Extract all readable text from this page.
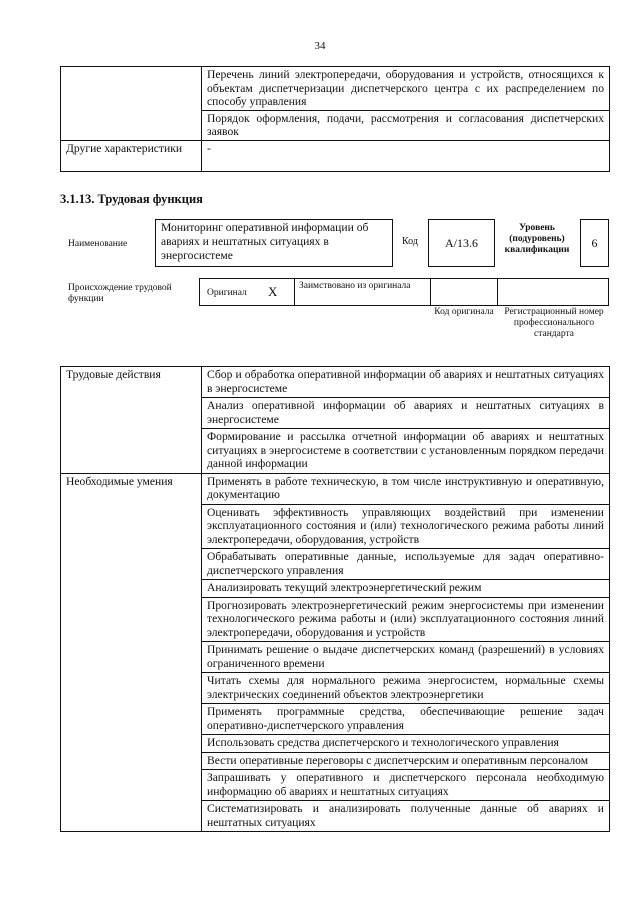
34
	Перечень линий электропередачи, оборудования и устройств, относящихся к объектам диспетчеризации диспетчерского центра с их распределением по способу управления
	Порядок оформления, подачи, рассмотрения и согласования диспетчерских заявок
Другие характеристики	-
3.1.13. Трудовая функция
Наименование
Мониторинг оперативной информации об авариях и нештатных ситуациях в энергосистеме
Код	А/13.6
Уровень (подуровень) квалификации	6
Происхождение трудовой функции
Оригинал X Заимствовано из оригинала
Код оригинала	Регистрационный номер профессионального стандарта
Трудовые действия	Сбор и обработка оперативной информации об авариях и нештатных ситуациях в энергосистеме
	Анализ оперативной информации об авариях и нештатных ситуациях в энергосистеме
	Формирование и рассылка отчетной информации об авариях и нештатных ситуациях в энергосистеме в соответствии с установленным порядком передачи данной информации
Необходимые умения	Применять в работе техническую, в том числе инструктивную и оперативную, документацию
	Оценивать эффективность управляющих воздействий при изменении эксплуатационного состояния и (или) технологического режима работы линий электропередачи, оборудования, устройств
	Обрабатывать оперативные данные, используемые для задач оперативно-диспетчерского управления
	Анализировать текущий электроэнергетический режим
	Прогнозировать электроэнергетический режим энергосистемы при изменении технологического режима работы и (или) эксплуатационного состояния линий электропередачи, оборудования и устройств
	Принимать решение о выдаче диспетчерских команд (разрешений) в условиях ограниченного времени
	Читать схемы для нормального режима энергосистем, нормальные схемы электрических соединений объектов электроэнергетики
	Применять программные средства, обеспечивающие решение задач оперативно-диспетчерского управления
	Использовать средства диспетчерского и технологического управления
	Вести оперативные переговоры с диспетчерским и оперативным персоналом
	Запрашивать у оперативного и диспетчерского персонала необходимую информацию об авариях и нештатных ситуациях
	Систематизировать и анализировать полученные данные об авариях и нештатных ситуациях
